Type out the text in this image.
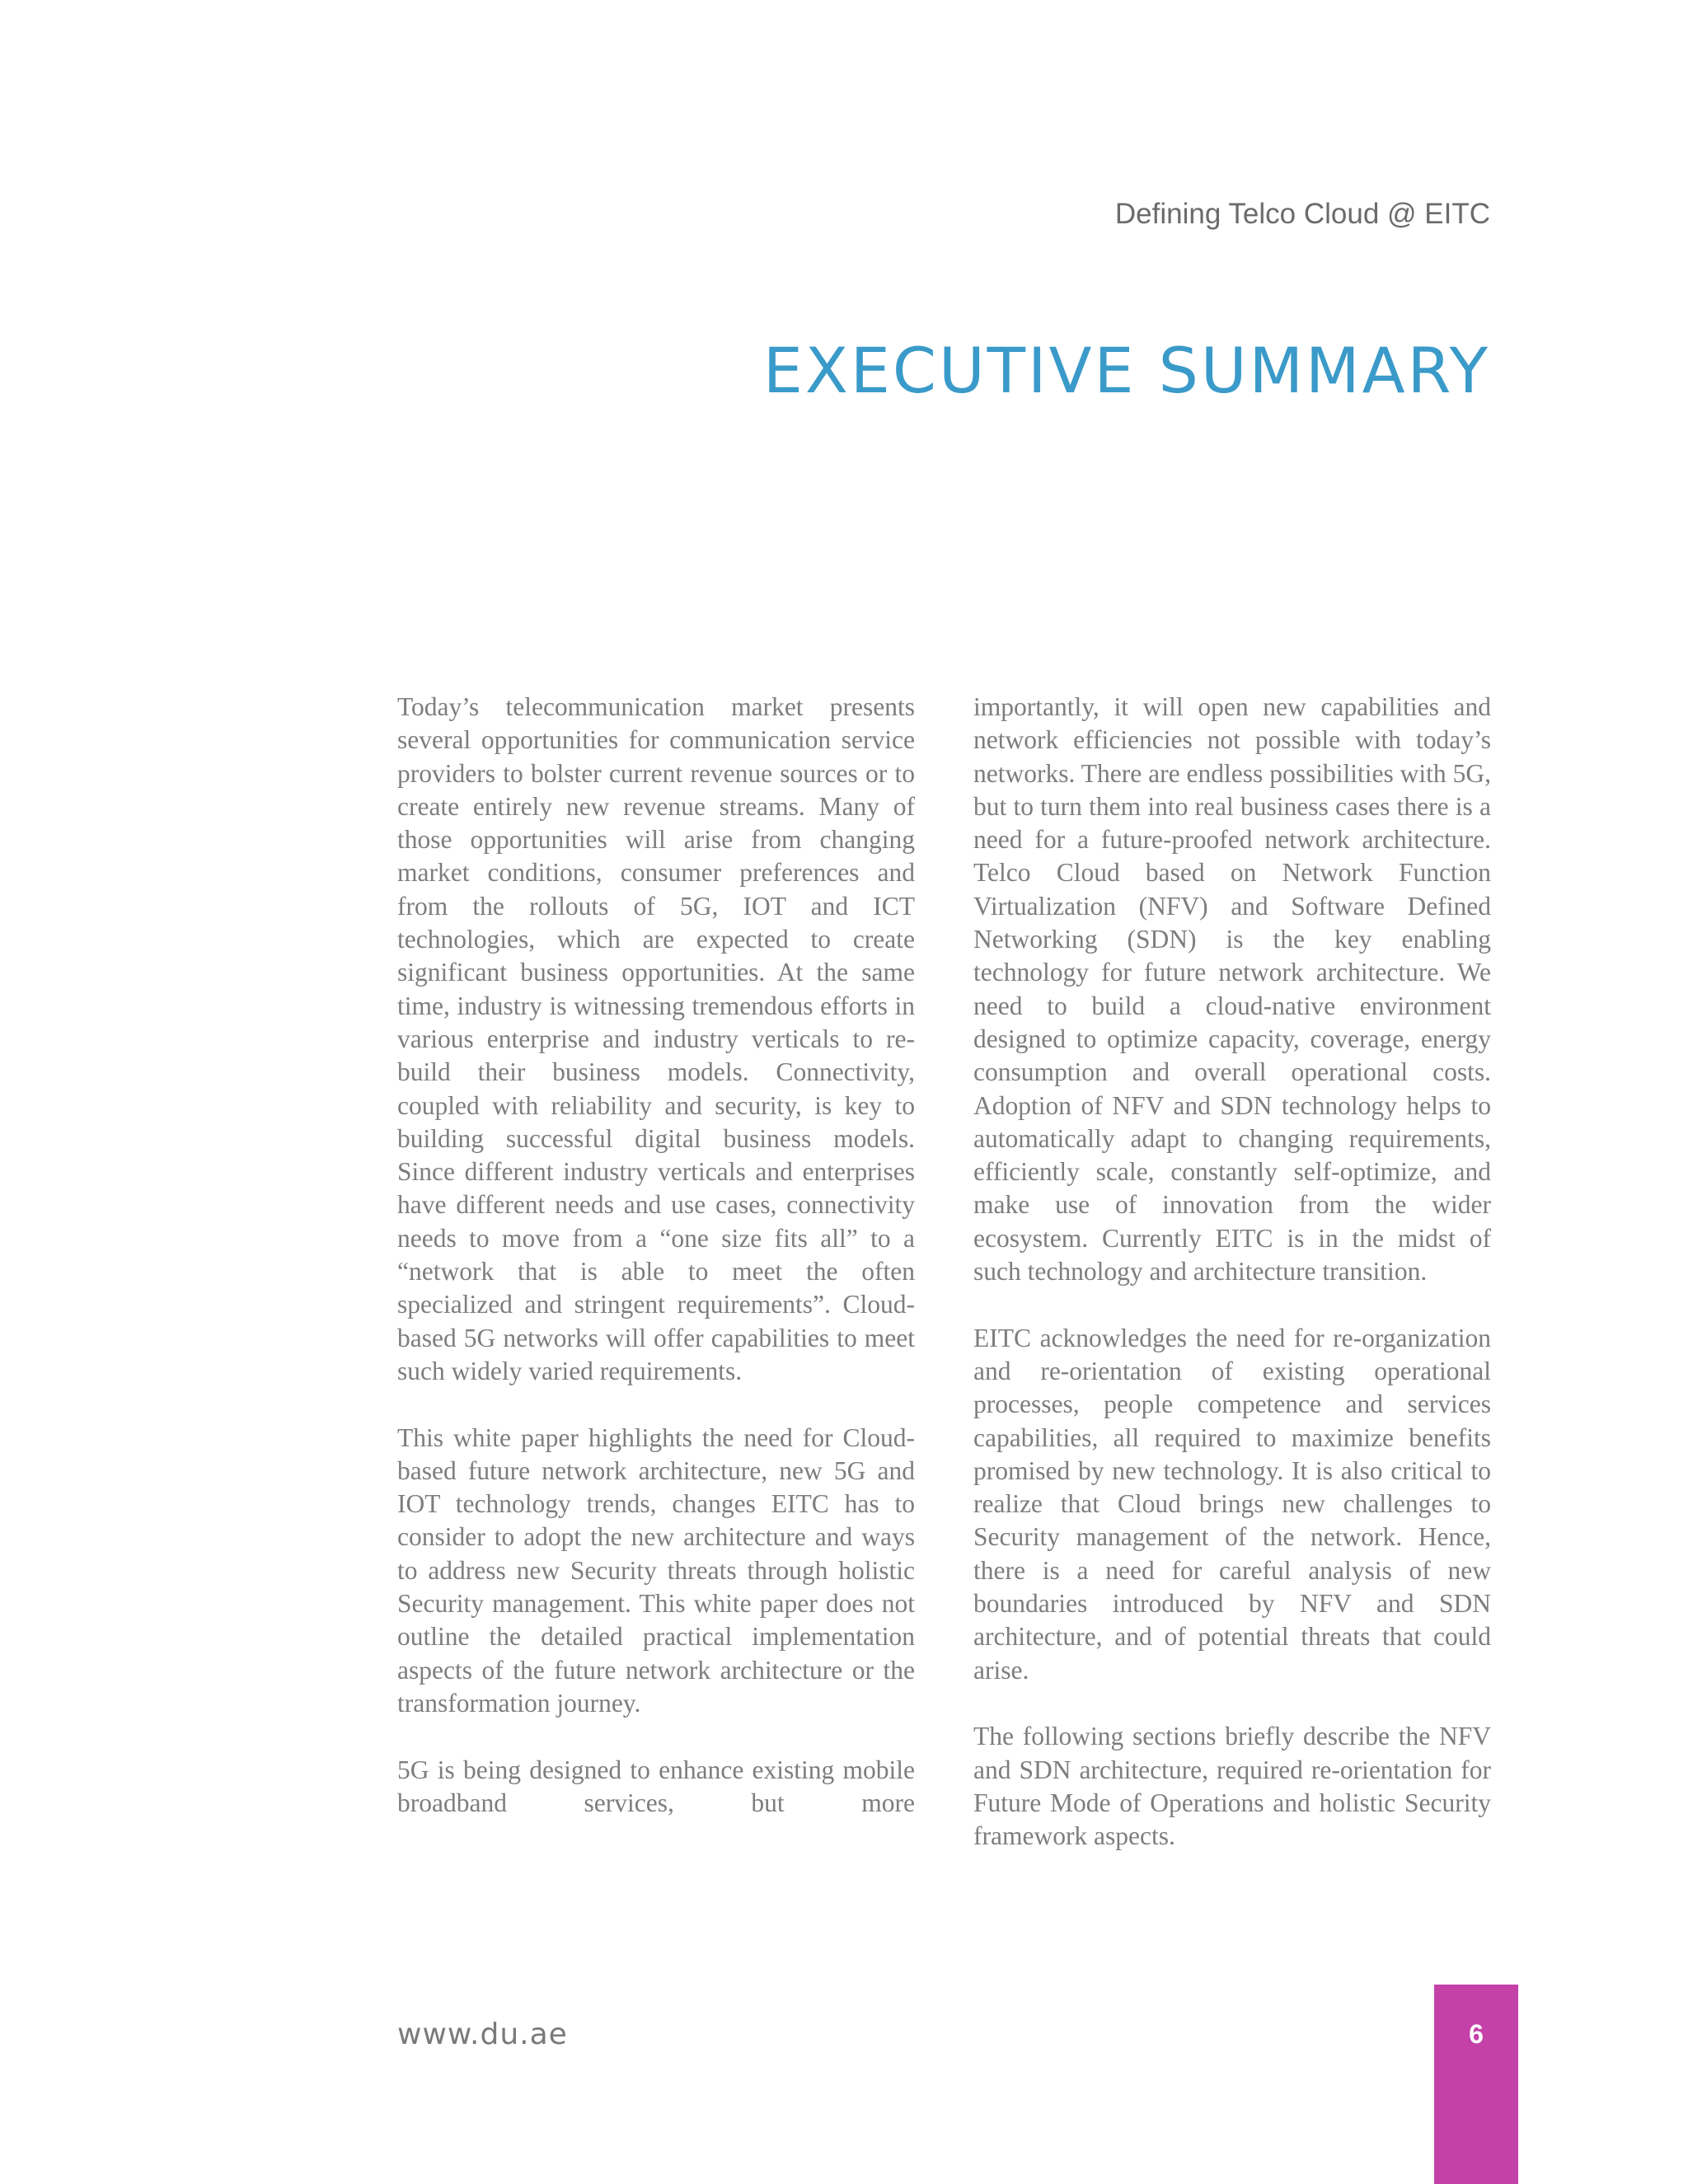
Defining Telco Cloud @ EITC
EXECUTIVE SUMMARY

Today’s telecommunication market presents several opportunities for communication service providers to bolster current revenue sources or to create entirely new revenue streams. Many of those opportunities will arise from changing market conditions, consumer preferences and from the rollouts of 5G, IOT and ICT technologies, which are expected to create significant business opportunities. At the same time, industry is witnessing tremendous efforts in various enterprise and industry verticals to re-build their business models. Connectivity, coupled with reliability and security, is key to building successful digital business models. Since different industry verticals and enterprises have different needs and use cases, connectivity needs to move from a “one size fits all” to a “network that is able to meet the often specialized and stringent requirements”. Cloud-based 5G networks will offer capabilities to meet such widely varied requirements.

This white paper highlights the need for Cloud-based future network architecture, new 5G and IOT technology trends, changes EITC has to consider to adopt the new architecture and ways to address new Security threats through holistic Security management. This white paper does not outline the detailed practical implementation aspects of the future network architecture or the transformation journey.

5G is being designed to enhance existing mobile broadband services, but more

importantly, it will open new capabilities and network efficiencies not possible with today’s networks. There are endless possibilities with 5G, but to turn them into real business cases there is a need for a future-proofed network architecture. Telco Cloud based on Network Function Virtualization (NFV) and Software Defined Networking (SDN) is the key enabling technology for future network architecture. We need to build a cloud-native environment designed to optimize capacity, coverage, energy consumption and overall operational costs. Adoption of NFV and SDN technology helps to automatically adapt to changing requirements, efficiently scale, constantly self-optimize, and make use of innovation from the wider ecosystem. Currently EITC is in the midst of such technology and architecture transition.

EITC acknowledges the need for re-organization and re-orientation of existing operational processes, people competence and services capabilities, all required to maximize benefits promised by new technology. It is also critical to realize that Cloud brings new challenges to Security management of the network. Hence, there is a need for careful analysis of new boundaries introduced by NFV and SDN architecture, and of potential threats that could arise.

The following sections briefly describe the NFV and SDN architecture, required re-orientation for Future Mode of Operations and holistic Security framework aspects.

www.du.ae	6
